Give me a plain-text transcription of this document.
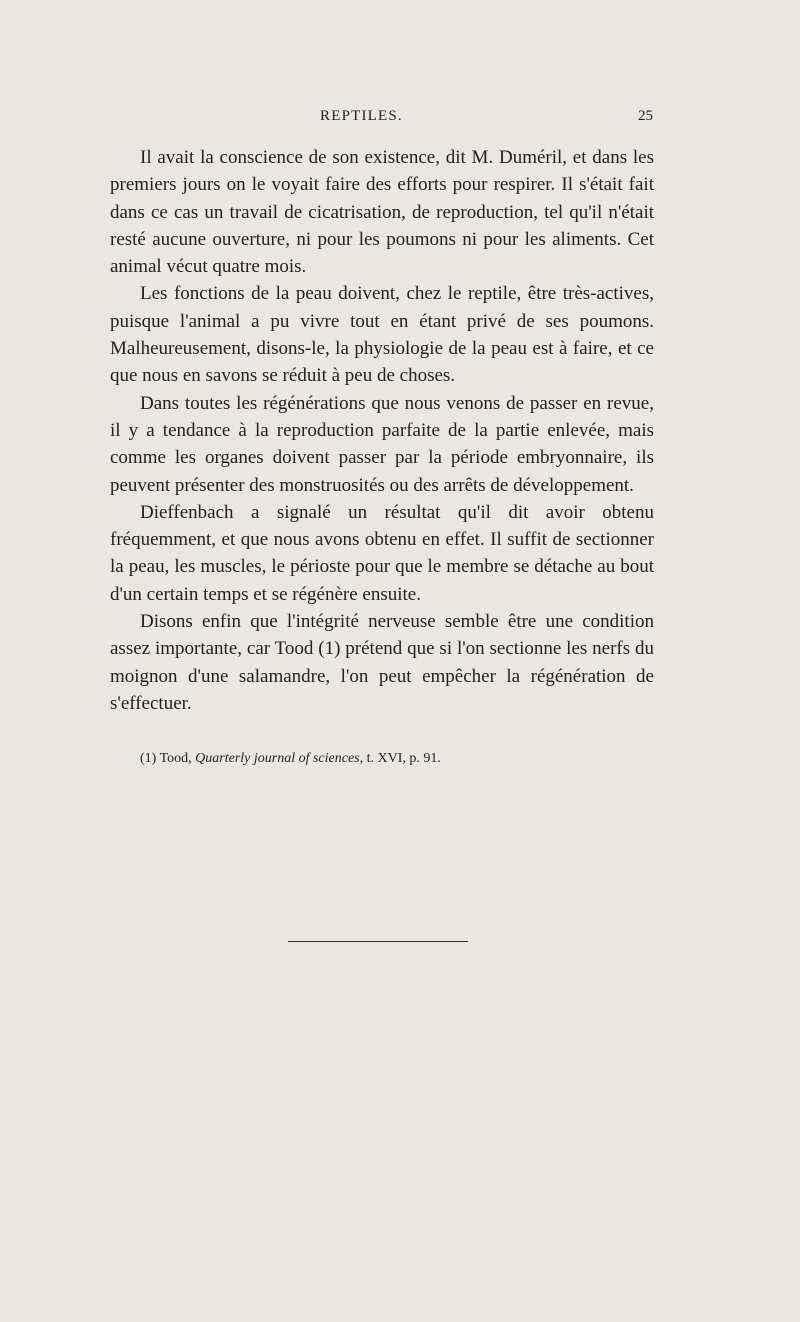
REPTILES.	25

Il avait la conscience de son existence, dit M. Duméril, et dans les premiers jours on le voyait faire des efforts pour respirer. Il s'était fait dans ce cas un travail de cicatrisation, de reproduction, tel qu'il n'était resté aucune ouverture, ni pour les poumons ni pour les aliments. Cet animal vécut quatre mois.

Les fonctions de la peau doivent, chez le reptile, être très-actives, puisque l'animal a pu vivre tout en étant privé de ses poumons. Malheureusement, disons-le, la physiologie de la peau est à faire, et ce que nous en savons se réduit à peu de choses.

Dans toutes les régénérations que nous venons de passer en revue, il y a tendance à la reproduction parfaite de la partie enlevée, mais comme les organes doivent passer par la période embryonnaire, ils peuvent présenter des monstruosités ou des arrêts de développement.

Dieffenbach a signalé un résultat qu'il dit avoir obtenu fréquemment, et que nous avons obtenu en effet. Il suffit de sectionner la peau, les muscles, le périoste pour que le membre se détache au bout d'un certain temps et se régénère ensuite.

Disons enfin que l'intégrité nerveuse semble être une condition assez importante, car Tood (1) prétend que si l'on sectionne les nerfs du moignon d'une salamandre, l'on peut empêcher la régénération de s'effectuer.

(1) Tood, Quarterly journal of sciences, t. XVI, p. 91.
